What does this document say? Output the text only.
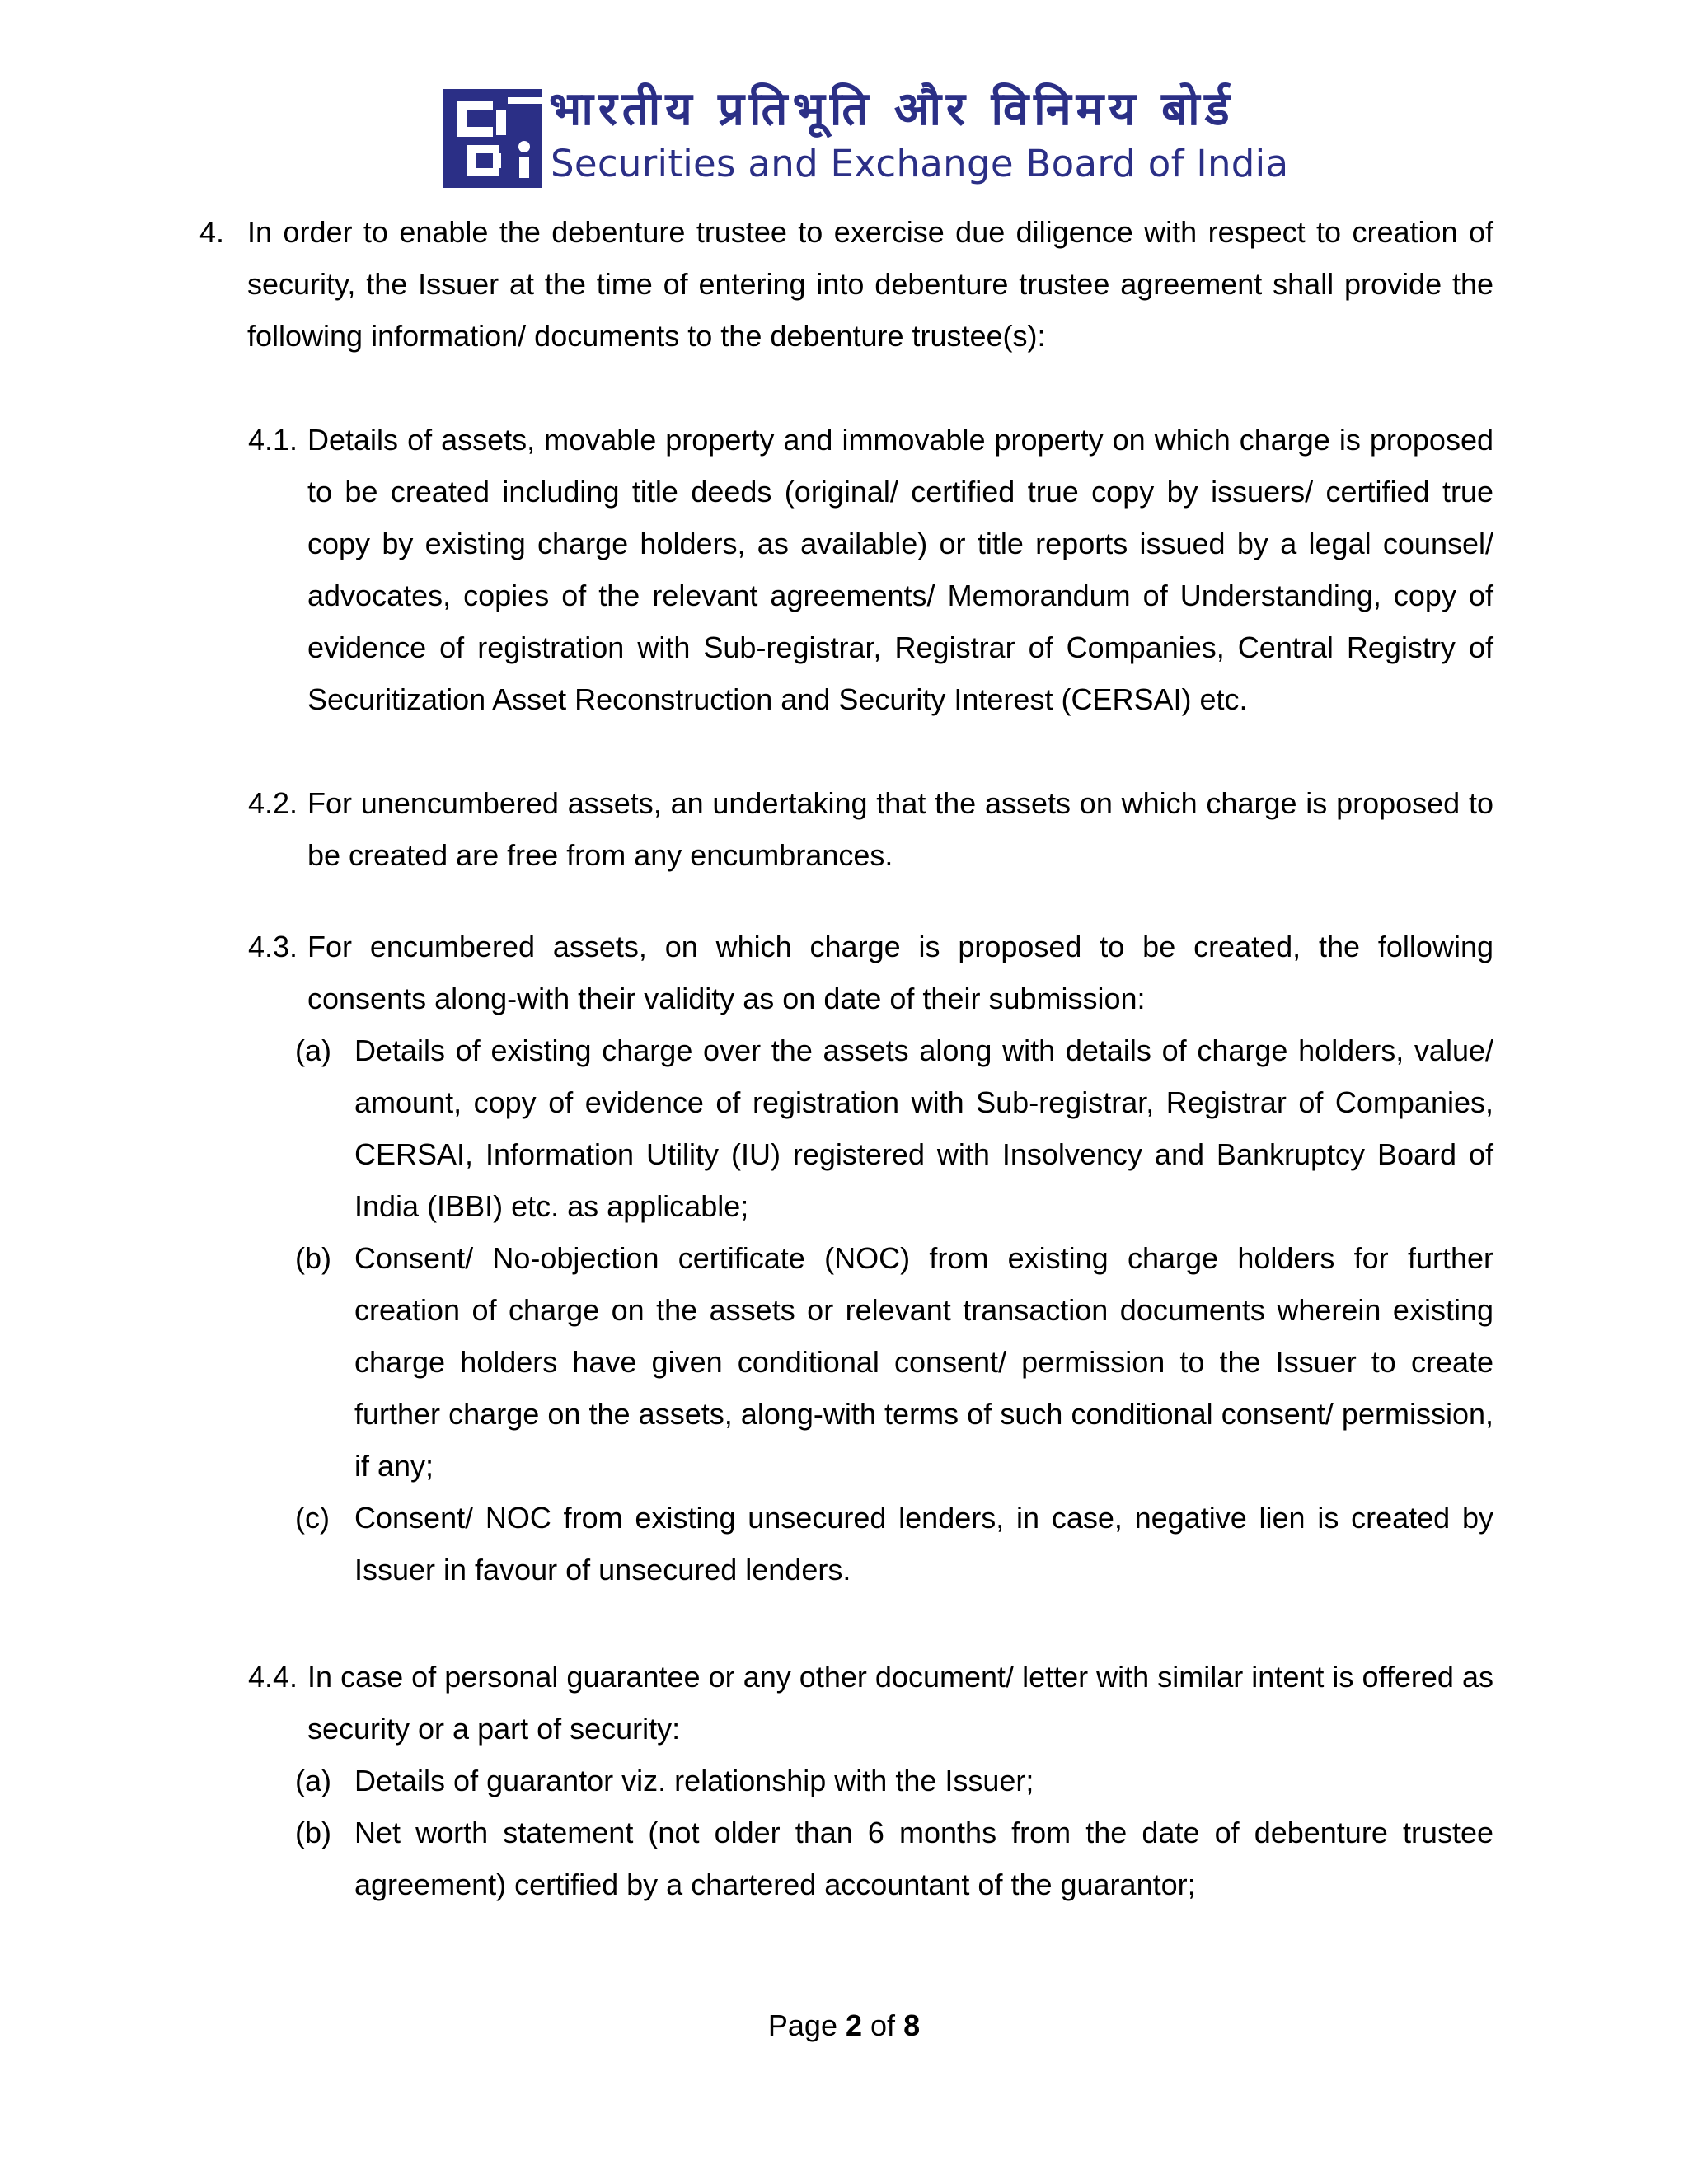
भारतीय प्रतिभूति और विनिमय बोर्ड
Securities and Exchange Board of India
4. In order to enable the debenture trustee to exercise due diligence with respect to creation of security, the Issuer at the time of entering into debenture trustee agreement shall provide the following information/ documents to the debenture trustee(s):
4.1. Details of assets, movable property and immovable property on which charge is proposed to be created including title deeds (original/ certified true copy by issuers/ certified true copy by existing charge holders, as available) or title reports issued by a legal counsel/ advocates, copies of the relevant agreements/ Memorandum of Understanding, copy of evidence of registration with Sub-registrar, Registrar of Companies, Central Registry of Securitization Asset Reconstruction and Security Interest (CERSAI) etc.
4.2. For unencumbered assets, an undertaking that the assets on which charge is proposed to be created are free from any encumbrances.
4.3. For encumbered assets, on which charge is proposed to be created, the following consents along-with their validity as on date of their submission:
(a) Details of existing charge over the assets along with details of charge holders, value/ amount, copy of evidence of registration with Sub-registrar, Registrar of Companies, CERSAI, Information Utility (IU) registered with Insolvency and Bankruptcy Board of India (IBBI) etc. as applicable;
(b) Consent/ No-objection certificate (NOC) from existing charge holders for further creation of charge on the assets or relevant transaction documents wherein existing charge holders have given conditional consent/ permission to the Issuer to create further charge on the assets, along-with terms of such conditional consent/ permission, if any;
(c) Consent/ NOC from existing unsecured lenders, in case, negative lien is created by Issuer in favour of unsecured lenders.
4.4. In case of personal guarantee or any other document/ letter with similar intent is offered as security or a part of security:
(a) Details of guarantor viz. relationship with the Issuer;
(b) Net worth statement (not older than 6 months from the date of debenture trustee agreement) certified by a chartered accountant of the guarantor;
Page 2 of 8
